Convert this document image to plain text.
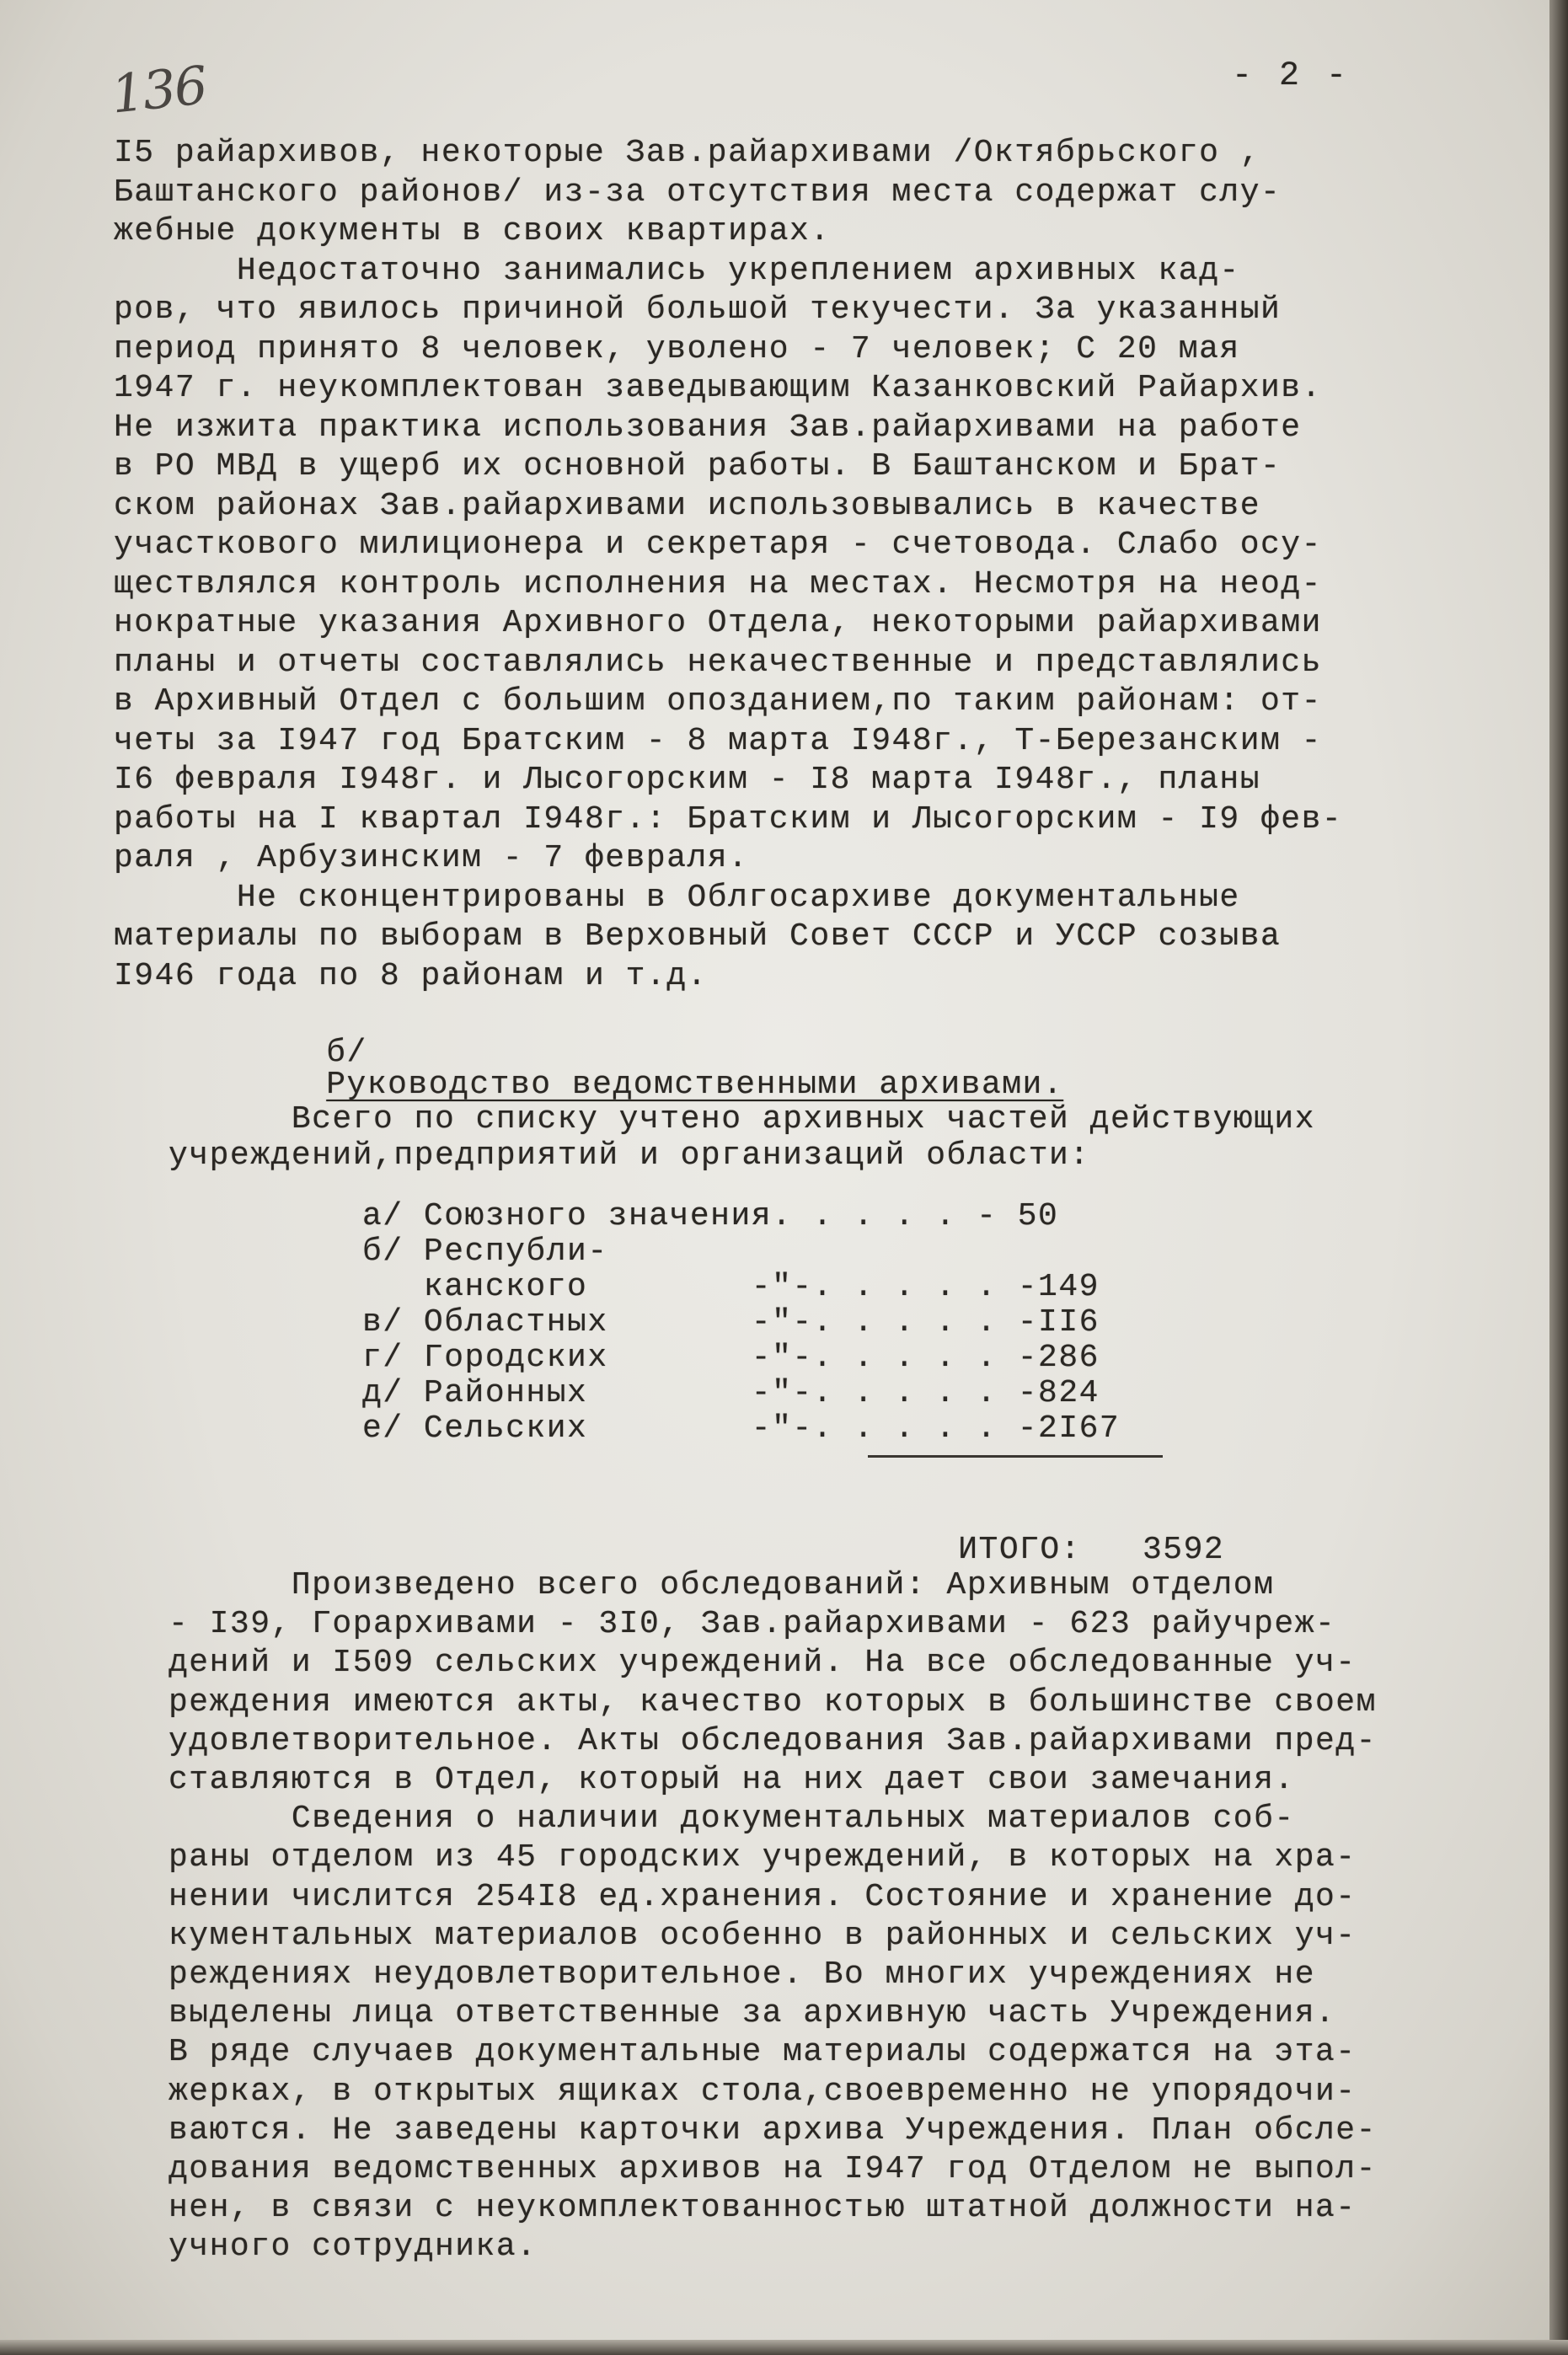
136	- 2 -
I5 райархивов, некоторые Зав.райархивами /Октябрьского ,
Баштанского районов/ из-за отсутствия места содержат слу-
жебные документы в своих квартирах.
Недостаточно занимались укреплением архивных кад-
ров, что явилось причиной большой текучести. За указанный
период принято 8 человек, уволено - 7 человек; С 20 мая
1947 г. неукомплектован заведывающим Казанковский Райархив.
Не изжита практика использования Зав.райархивами на работе
в РО МВД в ущерб их основной работы. В Баштанском и Брат-
ском районах Зав.райархивами использовывались в качестве
участкового милиционера и секретаря - счетовода. Слабо осу-
ществлялся контроль исполнения на местах. Несмотря на неод-
нократные указания Архивного Отдела, некоторыми райархивами
планы и отчеты составлялись некачественные и представлялись
в Архивный Отдел с большим опозданием,по таким районам: от-
четы за I947 год Братским - 8 марта I948г., Т-Березанским -
I6 февраля I948г. и Лысогорским - I8 марта I948г., планы
работы на I квартал I948г.: Братским и Лысогорским - I9 фев-
раля , Арбузинским - 7 февраля.
Не сконцентрированы в Облгосархиве документальные
материалы по выборам в Верховный Совет СССР и УССР созыва
I946 года по 8 районам и т.д.

б/
Руководство ведомственными архивами.

Всего по списку учтено архивных частей действующих
учреждений,предприятий и организаций области:
а/ Союзного значения. . . . . - 50
б/ Республи-
канского        -"-. . . . . -149
в/ Областных       -"-. . . . . -II6
г/ Городских       -"-. . . . . -286
д/ Районных        -"-. . . . . -824
е/ Сельских        -"-. . . . . -2I67

ИТОГО: 3592

Произведено всего обследований: Архивным отделом
- I39, Горархивами - 3I0, Зав.райархивами - 623 райучреж-
дений и I509 сельских учреждений. На все обследованные уч-
реждения имеются акты, качество которых в большинстве своем
удовлетворительное. Акты обследования Зав.райархивами пред-
ставляются в Отдел, который на них дает свои замечания.
Сведения о наличии документальных материалов соб-
раны отделом из 45 городских учреждений, в которых на хра-
нении числится 254I8 ед.хранения. Состояние и хранение до-
кументальных материалов особенно в районных и сельских уч-
реждениях неудовлетворительное. Во многих учреждениях не
выделены лица ответственные за архивную часть Учреждения.
В ряде случаев документальные материалы содержатся на эта-
жерках, в открытых ящиках стола,своевременно не упорядочи-
ваются. Не заведены карточки архива Учреждения. План обсле-
дования ведомственных архивов на I947 год Отделом не выпол-
нен, в связи с неукомплектованностью штатной должности на-
учного сотрудника.
